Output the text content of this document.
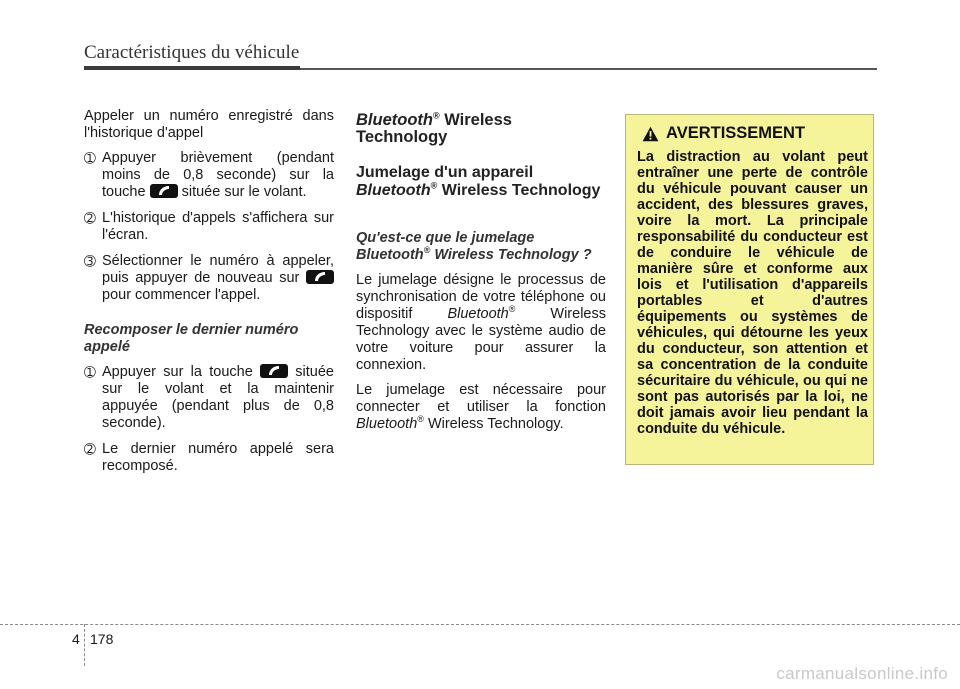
Caractéristiques du véhicule

Appeler un numéro enregistré dans l'historique d'appel

➀ Appuyer brièvement (pendant moins de 0,8 seconde) sur la touche située sur le volant.
➁ L'historique d'appels s'affichera sur l'écran.
➂ Sélectionner le numéro à appeler, puis appuyer de nouveau sur
pour commencer l'appel.
Recomposer le dernier numéro appelé
➀ Appuyer sur la touche	située sur le volant et la maintenir appuyée (pendant plus de 0,8 seconde).
➁ Le dernier numéro appelé sera recomposé.
Bluetooth® Wireless Technology
Jumelage d'un appareil
Bluetooth® Wireless Technology
Qu'est-ce que le jumelage
Bluetooth® Wireless Technology ?

Le jumelage désigne le processus de synchronisation de votre téléphone ou dispositif Bluetooth® Wireless Technology avec le système audio de votre voiture pour assurer la connexion.

Le jumelage est nécessaire pour connecter et utiliser la fonction Bluetooth® Wireless Technology.

AVERTISSEMENT
La distraction au volant peut entraîner une perte de contrôle du véhicule pouvant causer un accident, des blessures graves, voire la mort. La principale responsabilité du conducteur est de conduire le véhicule de manière sûre et conforme aux lois et l'utilisation d'appareils portables et d'autres équipements ou systèmes de véhicules, qui détourne les yeux du conducteur, son attention et sa concentration de la conduite sécuritaire du véhicule, ou qui ne sont pas autorisés par la loi, ne doit jamais avoir lieu pendant la conduite du véhicule.
4 178
carmanualsonline.info
